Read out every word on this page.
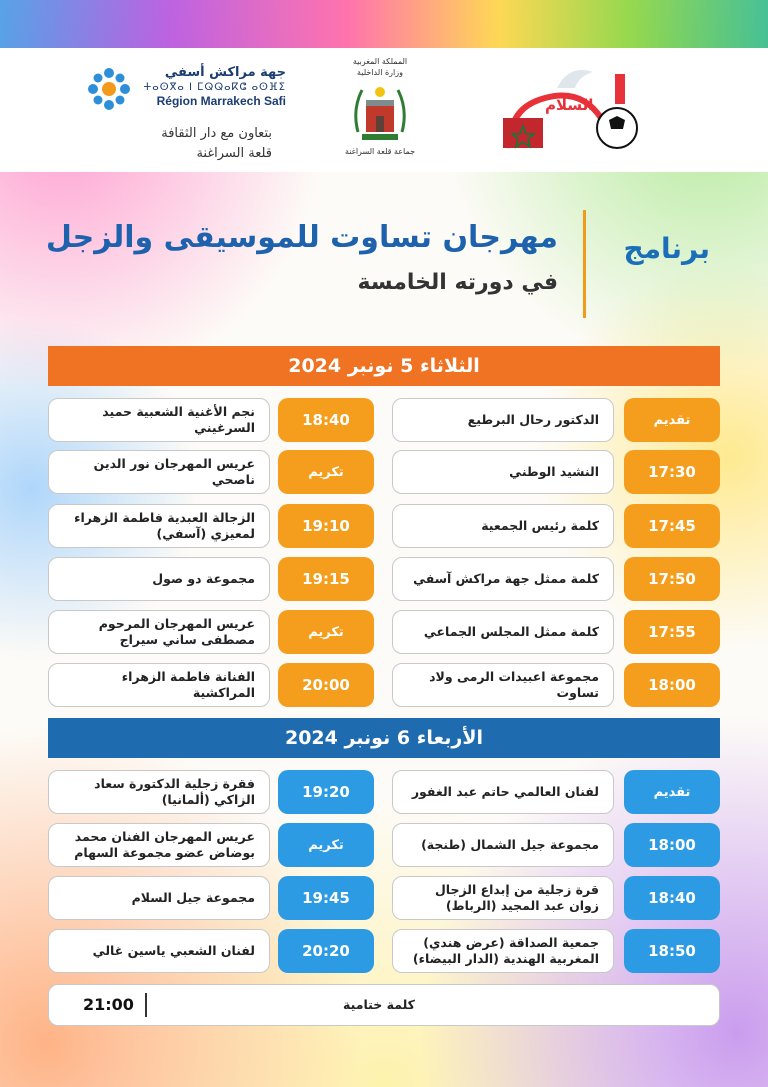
جهة مراكش أسفي
ⵜⴰⵙⴳⴰ ⵏ ⵎⵕⵕⴰⴽⵛ ⴰⵙⴼⵉ
Région Marrakech Safi
بتعاون مع دار الثقافة
قلعة السراغنة
المملكة المغربية
وزارة الداخلية
جماعة قلعة السراغنة
السلام
برنامج
مهرجان تساوت للموسيقى والزجل
في دورته الخامسة
الثلاثاء 5 نونبر 2024
الدكتور رحال البرطيع	تقديم
النشيد الوطني	17:30
كلمة رئيس الجمعية	17:45
كلمة ممثل جهة مراكش آسفي	17:50
كلمة ممثل المجلس الجماعي	17:55
مجموعة اعبيدات الرمى ولاد تساوت	18:00
نجم الأغنية الشعبية حميد السرغيني	18:40
عريس المهرجان نور الدين ناصحي	تكريم
الزجالة العبدية فاطمة الزهراء لمعيزي (آسفي)	19:10
مجموعة دو صول	19:15
عريس المهرجان المرحوم مصطفى ساني سيراج	تكريم
الفنانة فاطمة الزهراء المراكشية	20:00
الأربعاء 6 نونبر 2024
لفنان العالمي حاتم عبد الغفور	تقديم
مجموعة جيل الشمال (طنجة)	18:00
قرة زجلية من إبداع الزجال زوان عبد المجيد (الرباط)	18:40
(عرض هندي) جمعية الصداقة المغربية الهندية (الدار البيضاء)	18:50
فقرة زجلية الدكتورة سعاد الزاكي (ألمانيا)	19:20
عريس المهرجان الفنان محمد بوضاض عضو مجموعة السهام	تكريم
مجموعة جيل السلام	19:45
لفنان الشعبي ياسين غالي	20:20
21:00	كلمة ختامية
